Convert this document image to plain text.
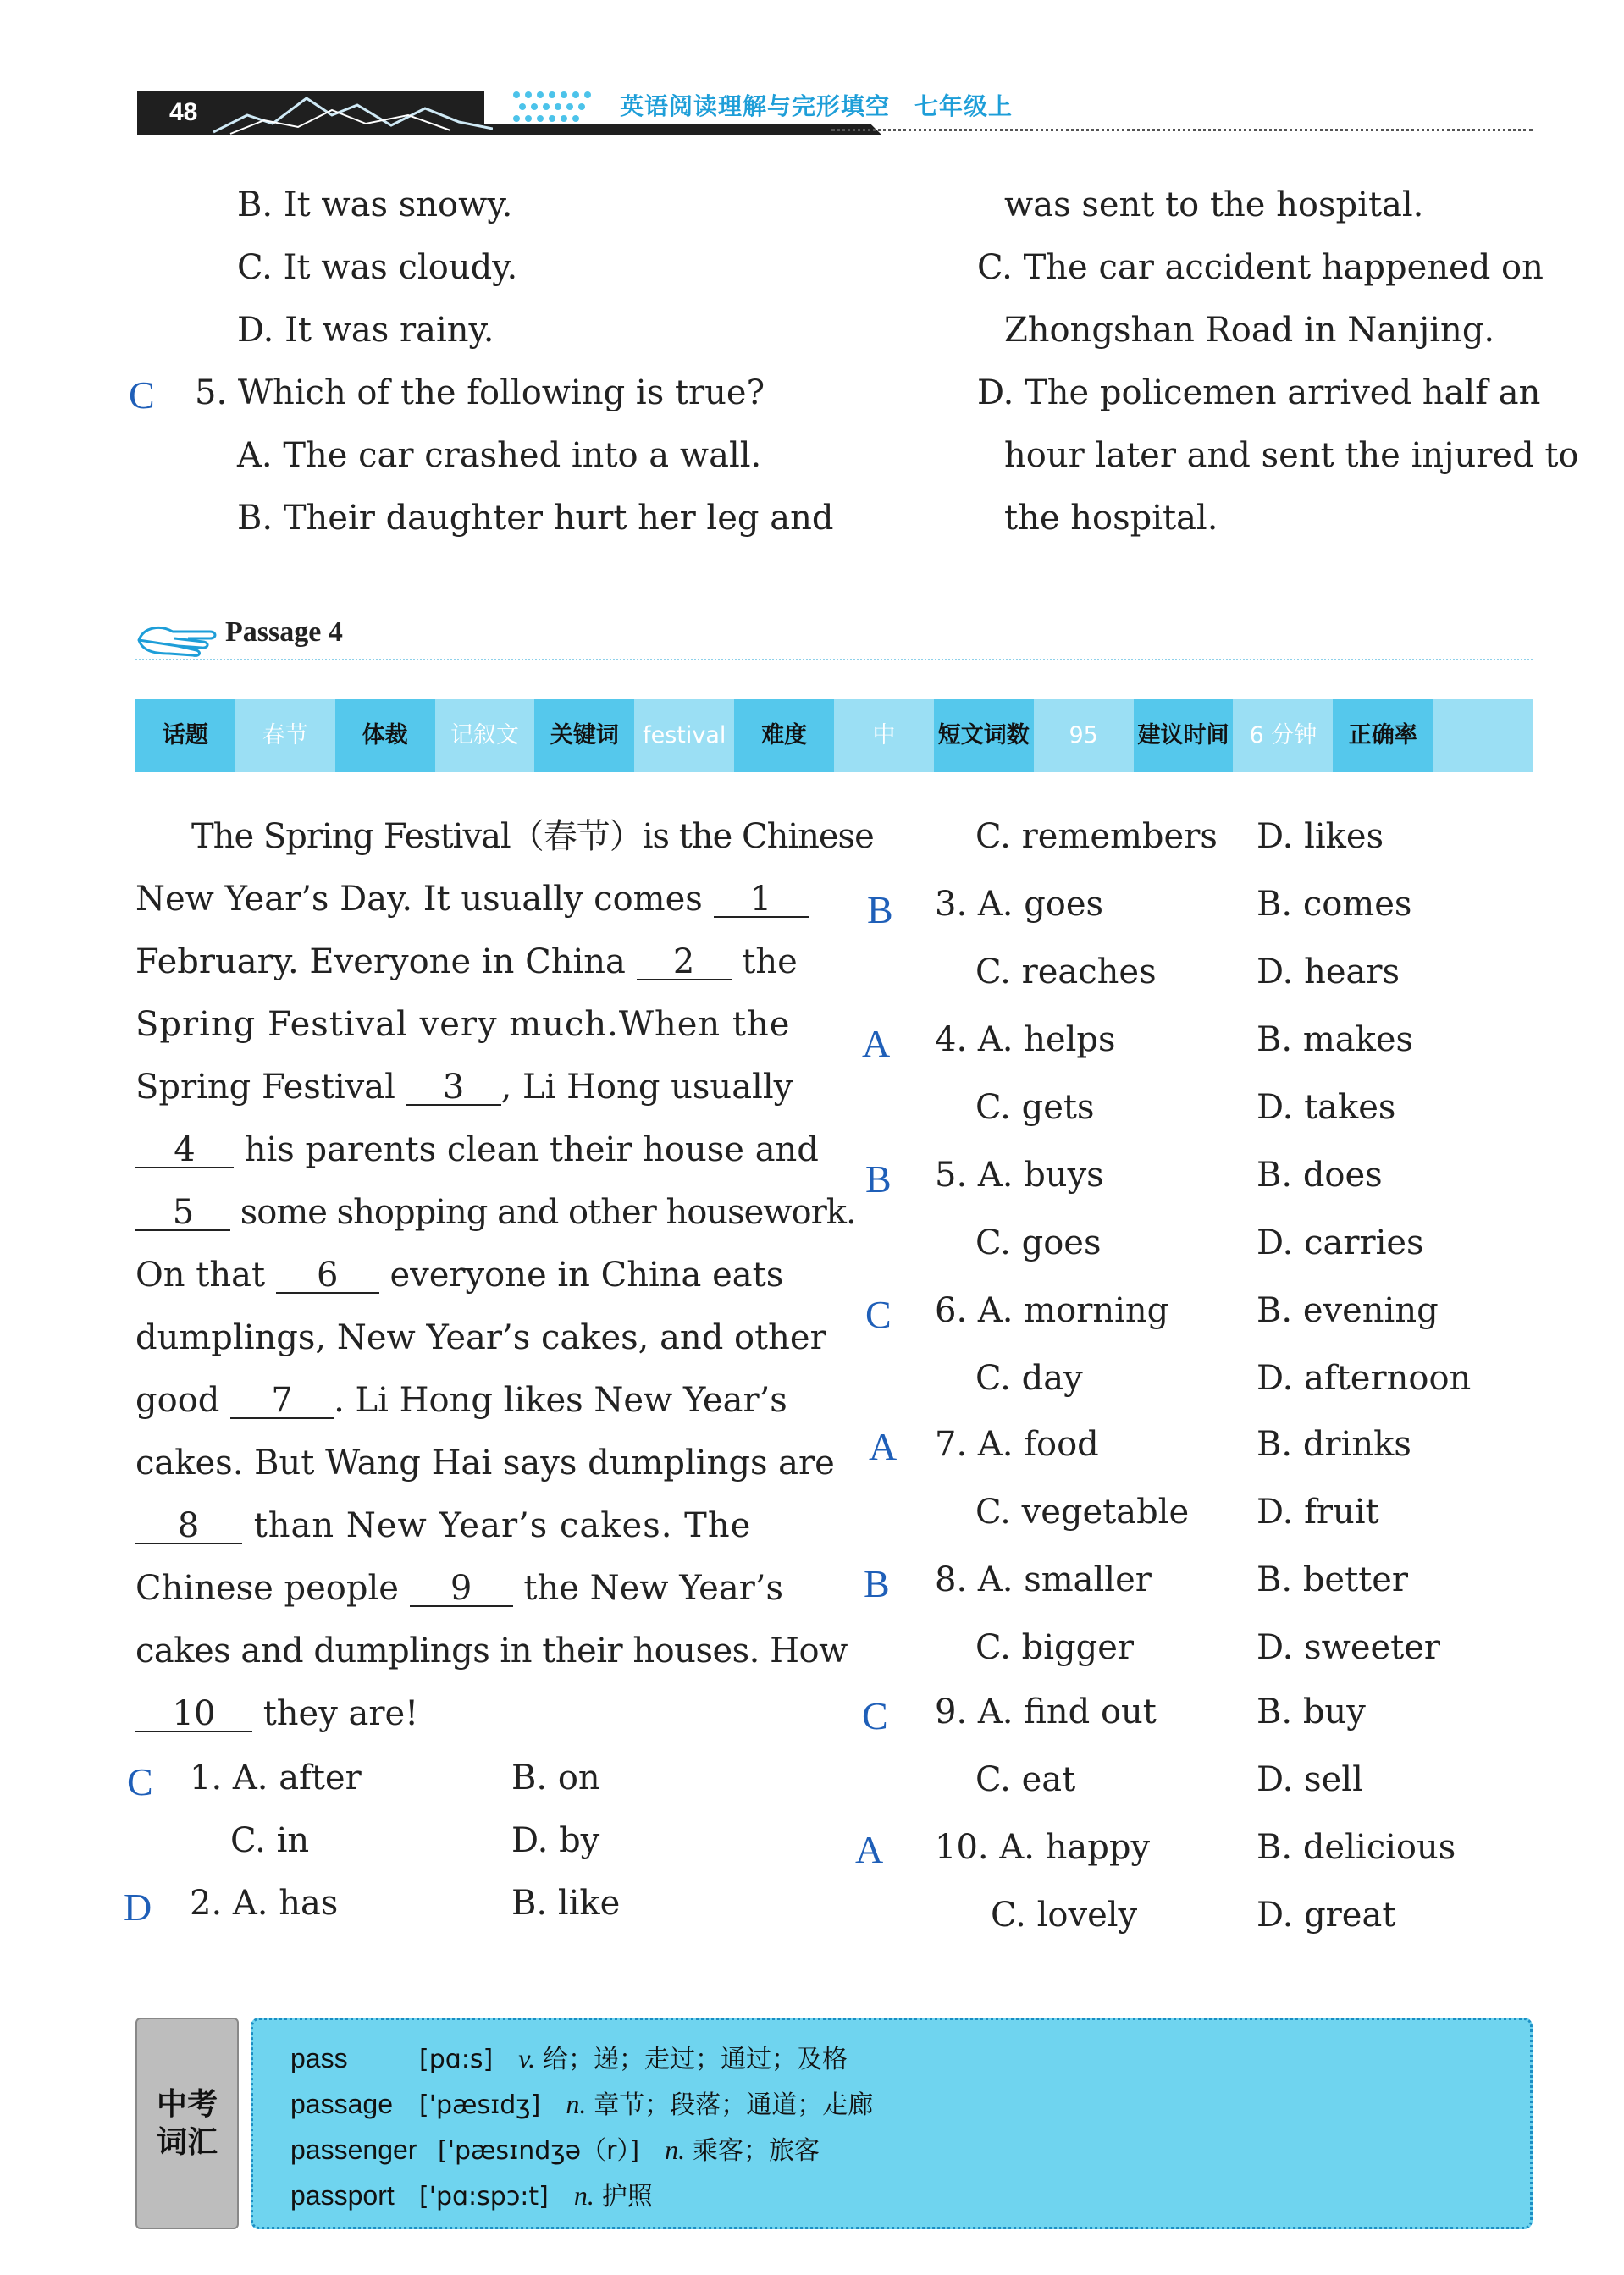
48	英语阅读理解与完形填空　七年级上
B. It was snowy.
C. It was cloudy.
D. It was rainy.
C 5. Which of the following is true?
A. The car crashed into a wall.
B. Their daughter hurt her leg and
was sent to the hospital.
C. The car accident happened on
Zhongshan Road in Nanjing.
D. The policemen arrived half an
hour later and sent the injured to
the hospital.
Passage 4
话题	春节	体裁	记叙文	关键词	festival	难度	中	短文 词数	95	建议 时间 6 分钟	正确率
The Spring Festival（春节）is the Chinese
New Year’s Day. It usually comes 1
February. Everyone in China 2 the
Spring Festival very much.When the
Spring Festival 3 , Li Hong usually
4 his parents clean their house and
5 some shopping and other housework.
On that 6 everyone in China eats
dumplings, New Year’s cakes, and other
good 7 . Li Hong likes New Year’s
cakes. But Wang Hai says dumplings are
8 than New Year’s cakes. The
Chinese people 9 the New Year’s
cakes and dumplings in their houses. How
10 they are!
C 1. A. after	B. on
C. in	D. by
D 2. A. has	B. like
C. remembers D. likes
B 3. A. goes	B. comes
C. reaches	D. hears
A 4. A. helps	B. makes
C. gets	D. takes
B 5. A. buys	B. does
C. goes	D. carries
C 6. A. morning	B. evening
C. day	D. afternoon
A 7. A. food	B. drinks
C. vegetable D. fruit
B 8. A. smaller	B. better
C. bigger	D. sweeter
C 9. A. find out	B. buy
C. eat	D. sell
A 10. A. happy	B. delicious
C. lovely	D. great
中考
词汇
pass	[pɑ:s] v. 给；递；走过；通过；及格
passage ['pæsɪdʒ] n. 章节；段落；通道；走廊
passenger ['pæsɪndʒə（r）] n. 乘客；旅客
passport ['pɑ:spɔ:t] n. 护照
